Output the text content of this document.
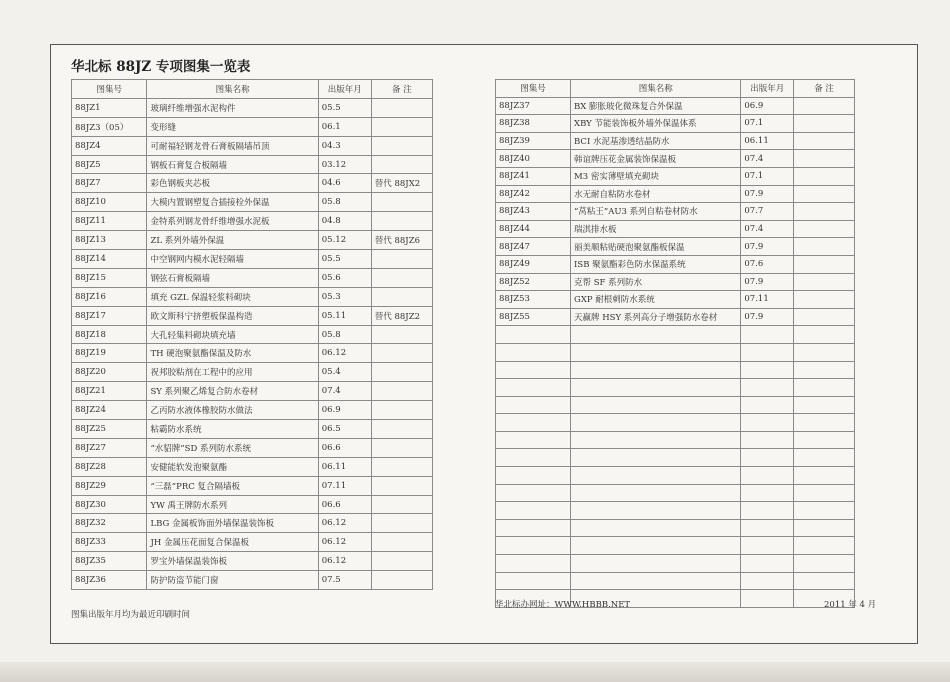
华北标 88JZ 专项图集一览表
图集号	图集名称	出版年月	备 注
88JZ1	玻璃纤维增强水泥构件	05.5	
88JZ3（05）	变形缝	06.1	
88JZ4	可耐福轻钢龙骨石膏板隔墙吊顶	04.3	
88JZ5	钢板石膏复合板隔墙	03.12	
88JZ7	彩色钢板夹芯板	04.6	替代 88JX2
88JZ10	大模内置钢塑复合插接栓外保温	05.8	
88JZ11	金特系列钢龙骨纤维增强水泥板	04.8	
88JZ13	ZL 系列外墙外保温	05.12	替代 88JZ6
88JZ14	中空钢网内模水泥轻隔墙	05.5	
88JZ15	钢弦石膏板隔墙	05.6	
88JZ16	填充 GZL 保温轻浆料砌块	05.3	
88JZ17	欧文斯科宁挤塑板保温构造	05.11	替代 88JZ2
88JZ18	大孔轻集料砌块填充墙	05.8	
88JZ19	TH 硬泡聚氨酯保温及防水	06.12	
88JZ20	祝邦胶粘剂在工程中的应用	05.4	
88JZ21	SY 系列聚乙烯复合防水卷材	07.4	
88JZ24	乙丙防水液体橡胶防水做法	06.9	
88JZ25	粘霸防水系统	06.5	
88JZ27	“水貂牌”SD 系列防水系统	06.6	
88JZ28	安健能软发泡聚氨酯	06.11	
88JZ29	“三磊”PRC 复合隔墙板	07.11	
88JZ30	YW 禹王牌防水系列	06.6	
88JZ32	LBG 金属板饰面外墙保温装饰板	06.12	
88JZ33	JH 金属压花面复合保温板	06.12	
88JZ35	罗宝外墙保温装饰板	06.12	
88JZ36	防护防盗节能门窗	07.5	
图集号	图集名称	出版年月	备 注
88JZ37	BX 膨胀玻化微珠复合外保温	06.9	
88JZ38	XBY 节能装饰板外墙外保温体系	07.1	
88JZ39	BCI 水泥基渗透结晶防水	06.11	
88JZ40	韩谊牌压花金属装饰保温板	07.4	
88JZ41	M3 密实薄壁填充砌块	07.1	
88JZ42	水无耐自粘防水卷材	07.9	
88JZ43	“莴粘王”AU3 系列自粘卷材防水	07.7	
88JZ44	瑞淇排水板	07.4	
88JZ47	丽美顺粘贴硬泡聚氨酯板保温	07.9	
88JZ49	ISB 聚氨酯彩色防水保温系统	07.6	
88JZ52	克帮 SF 系列防水	07.9	
88JZ53	GXP 耐根刺防水系统	07.11	
88JZ55	天赢牌 HSY 系列高分子增强防水卷材	07.9	

图集出版年月均为最近印刷时间
华北标办网址：WWW.HBBB.NET	2011 年 4 月
